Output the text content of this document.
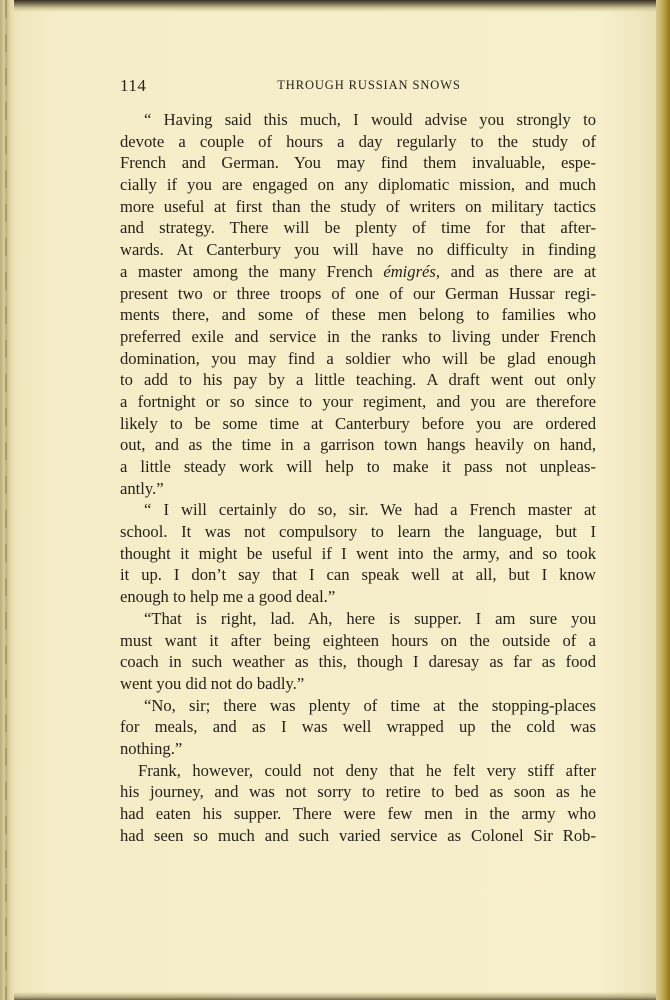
114	THROUGH RUSSIAN SNOWS
“ Having said this much, I would advise you strongly to
devote a couple of hours a day regularly to the study of
French and German. You may find them invaluable, espe-
cially if you are engaged on any diplomatic mission, and much
more useful at first than the study of writers on military tactics
and strategy. There will be plenty of time for that after-
wards. At Canterbury you will have no difficulty in finding
a master among the many French émigrés, and as there are at
present two or three troops of one of our German Hussar regi-
ments there, and some of these men belong to families who
preferred exile and service in the ranks to living under French
domination, you may find a soldier who will be glad enough
to add to his pay by a little teaching. A draft went out only
a fortnight or so since to your regiment, and you are therefore
likely to be some time at Canterbury before you are ordered
out, and as the time in a garrison town hangs heavily on hand,
a little steady work will help to make it pass not unpleas-
antly.”
“ I will certainly do so, sir. We had a French master at
school. It was not compulsory to learn the language, but I
thought it might be useful if I went into the army, and so took
it up. I don’t say that I can speak well at all, but I know
enough to help me a good deal.”
“That is right, lad. Ah, here is supper. I am sure you
must want it after being eighteen hours on the outside of a
coach in such weather as this, though I daresay as far as food
went you did not do badly.”
“No, sir; there was plenty of time at the stopping-places
for meals, and as I was well wrapped up the cold was
nothing.”
Frank, however, could not deny that he felt very stiff after
his journey, and was not sorry to retire to bed as soon as he
had eaten his supper. There were few men in the army who
had seen so much and such varied service as Colonel Sir Rob-
